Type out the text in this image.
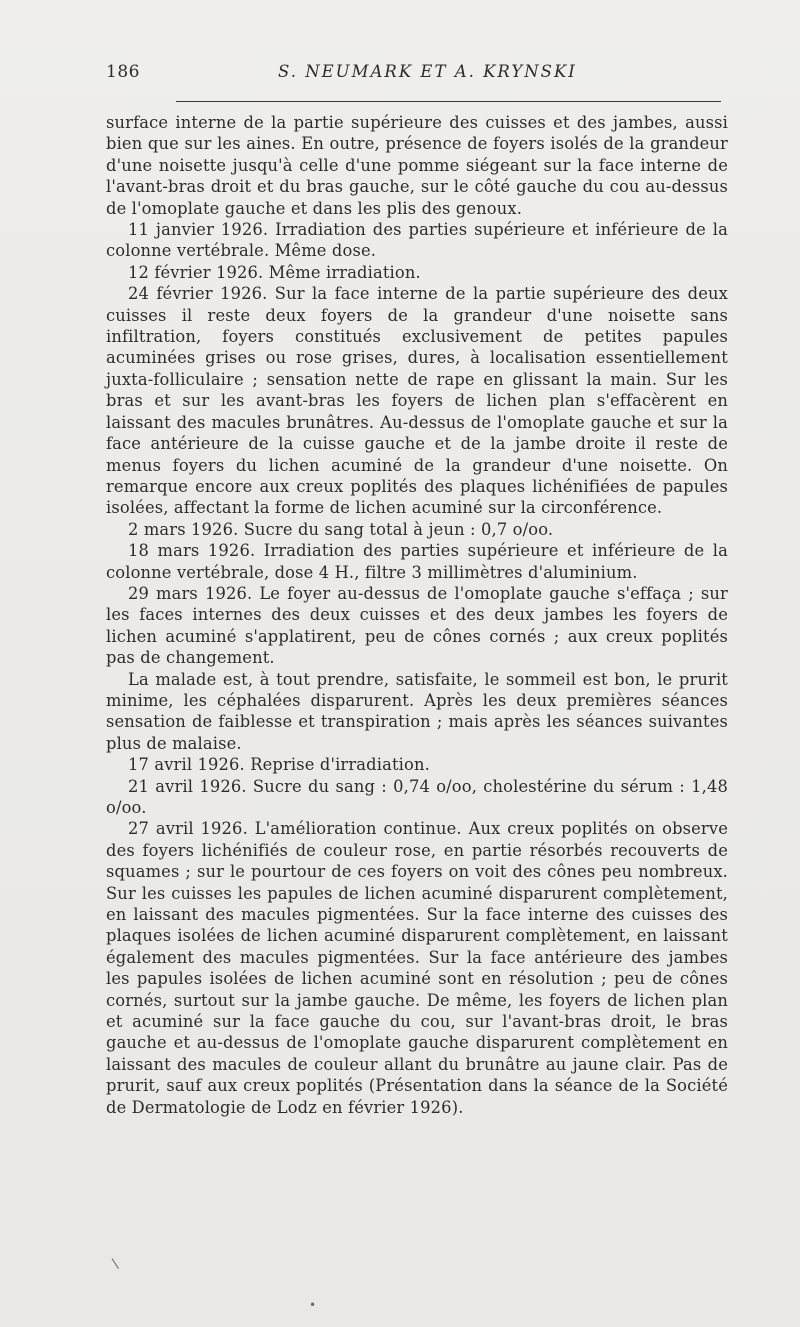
186	S. NEUMARK ET A. KRYNSKI

surface interne de la partie supérieure des cuisses et des jambes, aussi bien que sur les aines. En outre, présence de foyers isolés de la grandeur d'une noisette jusqu'à celle d'une pomme siégeant sur la face interne de l'avant-bras droit et du bras gauche, sur le côté gauche du cou au-dessus de l'omoplate gauche et dans les plis des genoux.

11 janvier 1926. Irradiation des parties supérieure et inférieure de la colonne vertébrale. Même dose.

12 février 1926. Même irradiation.

24 février 1926. Sur la face interne de la partie supérieure des deux cuisses il reste deux foyers de la grandeur d'une noisette sans infiltration, foyers constitués exclusivement de petites papules acuminées grises ou rose grises, dures, à localisation essentiellement juxta-folliculaire ; sensation nette de rape en glissant la main. Sur les bras et sur les avant-bras les foyers de lichen plan s'effacèrent en laissant des macules brunâtres. Au-dessus de l'omoplate gauche et sur la face antérieure de la cuisse gauche et de la jambe droite il reste de menus foyers du lichen acuminé de la grandeur d'une noisette. On remarque encore aux creux poplités des plaques lichénifiées de papules isolées, affectant la forme de lichen acuminé sur la circonférence.

2 mars 1926. Sucre du sang total à jeun : 0,7 o/oo.

18 mars 1926. Irradiation des parties supérieure et inférieure de la colonne vertébrale, dose 4 H., filtre 3 millimètres d'aluminium.

29 mars 1926. Le foyer au-dessus de l'omoplate gauche s'effaça ; sur les faces internes des deux cuisses et des deux jambes les foyers de lichen acuminé s'applatirent, peu de cônes cornés ; aux creux poplités pas de changement.

La malade est, à tout prendre, satisfaite, le sommeil est bon, le prurit minime, les céphalées disparurent. Après les deux premières séances sensation de faiblesse et transpiration ; mais après les séances suivantes plus de malaise.

17 avril 1926. Reprise d'irradiation.

21 avril 1926. Sucre du sang : 0,74 o/oo, cholestérine du sérum : 1,48 o/oo.

27 avril 1926. L'amélioration continue. Aux creux poplités on observe des foyers lichénifiés de couleur rose, en partie résorbés recouverts de squames ; sur le pourtour de ces foyers on voit des cônes peu nombreux. Sur les cuisses les papules de lichen acuminé disparurent complètement, en laissant des macules pigmentées. Sur la face interne des cuisses des plaques isolées de lichen acuminé disparurent complètement, en laissant également des macules pigmentées. Sur la face antérieure des jambes les papules isolées de lichen acuminé sont en résolution ; peu de cônes cornés, surtout sur la jambe gauche. De même, les foyers de lichen plan et acuminé sur la face gauche du cou, sur l'avant-bras droit, le bras gauche et au-dessus de l'omoplate gauche disparurent complètement en laissant des macules de couleur allant du brunâtre au jaune clair. Pas de prurit, sauf aux creux poplités (Présentation dans la séance de la Société de Dermatologie de Lodz en février 1926).

\
•
